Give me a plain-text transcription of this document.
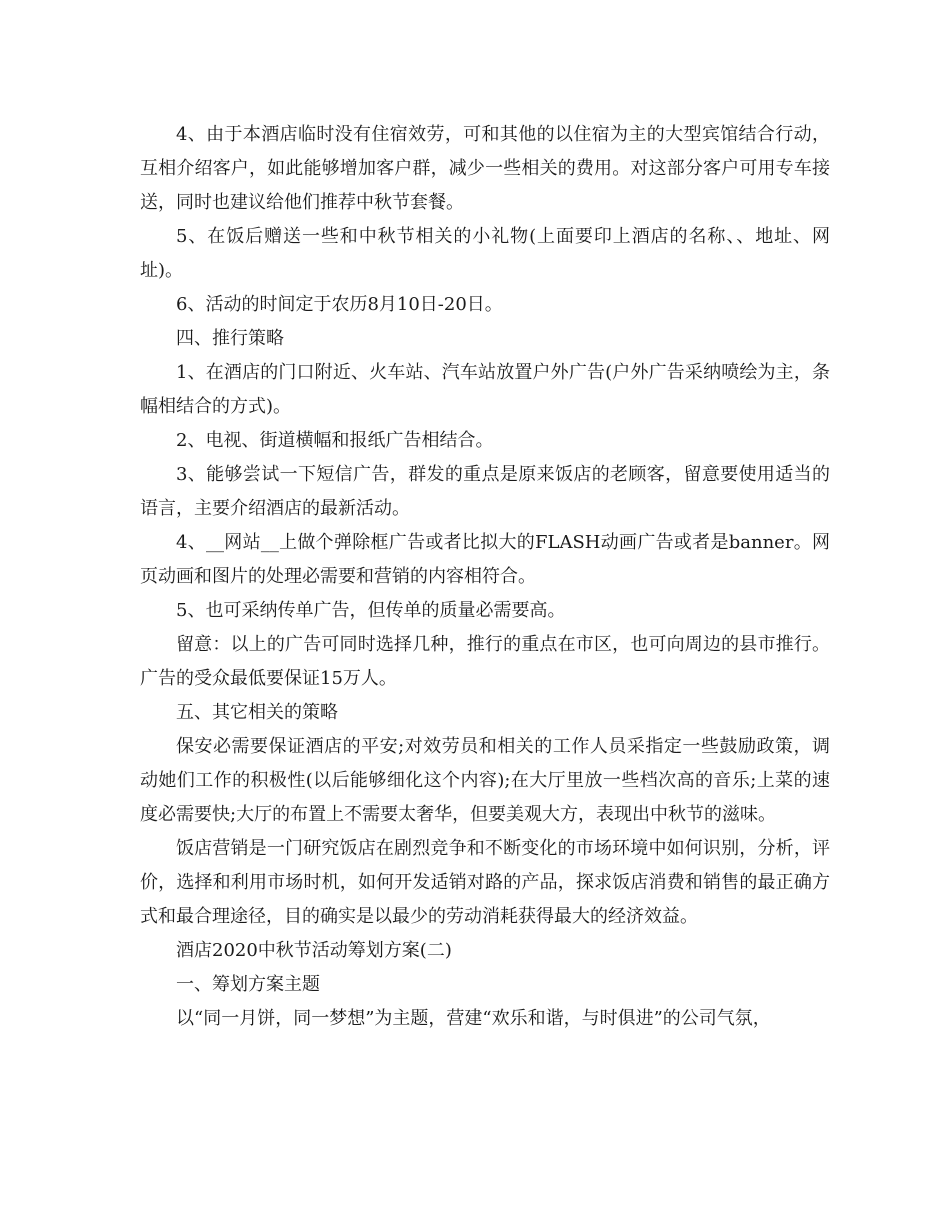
4、由于本酒店临时没有住宿效劳，可和其他的以住宿为主的大型宾馆结合行动，互相介绍客户，如此能够增加客户群，减少一些相关的费用。对这部分客户可用专车接送，同时也建议给他们推荐中秋节套餐。

5、在饭后赠送一些和中秋节相关的小礼物(上面要印上酒店的名称、、地址、网址)。

6、活动的时间定于农历8月10日-20日。

四、推行策略

1、在酒店的门口附近、火车站、汽车站放置户外广告(户外广告采纳喷绘为主，条幅相结合的方式)。

2、电视、街道横幅和报纸广告相结合。

3、能够尝试一下短信广告，群发的重点是原来饭店的老顾客，留意要使用适当的语言，主要介绍酒店的最新活动。

4、__网站__上做个弹除框广告或者比拟大的FLASH动画广告或者是banner。网页动画和图片的处理必需要和营销的内容相符合。

5、也可采纳传单广告，但传单的质量必需要高。

留意：以上的广告可同时选择几种，推行的重点在市区，也可向周边的县市推行。广告的受众最低要保证15万人。

五、其它相关的策略

保安必需要保证酒店的平安;对效劳员和相关的工作人员采指定一些鼓励政策，调动她们工作的积极性(以后能够细化这个内容);在大厅里放一些档次高的音乐;上菜的速度必需要快;大厅的布置上不需要太奢华，但要美观大方，表现出中秋节的滋味。

饭店营销是一门研究饭店在剧烈竞争和不断变化的市场环境中如何识别，分析，评价，选择和利用市场时机，如何开发适销对路的产品，探求饭店消费和销售的最正确方式和最合理途径，目的确实是以最少的劳动消耗获得最大的经济效益。

酒店2020中秋节活动筹划方案(二)

一、筹划方案主题

以“同一月饼，同一梦想”为主题，营建“欢乐和谐，与时俱进”的公司气氛，
